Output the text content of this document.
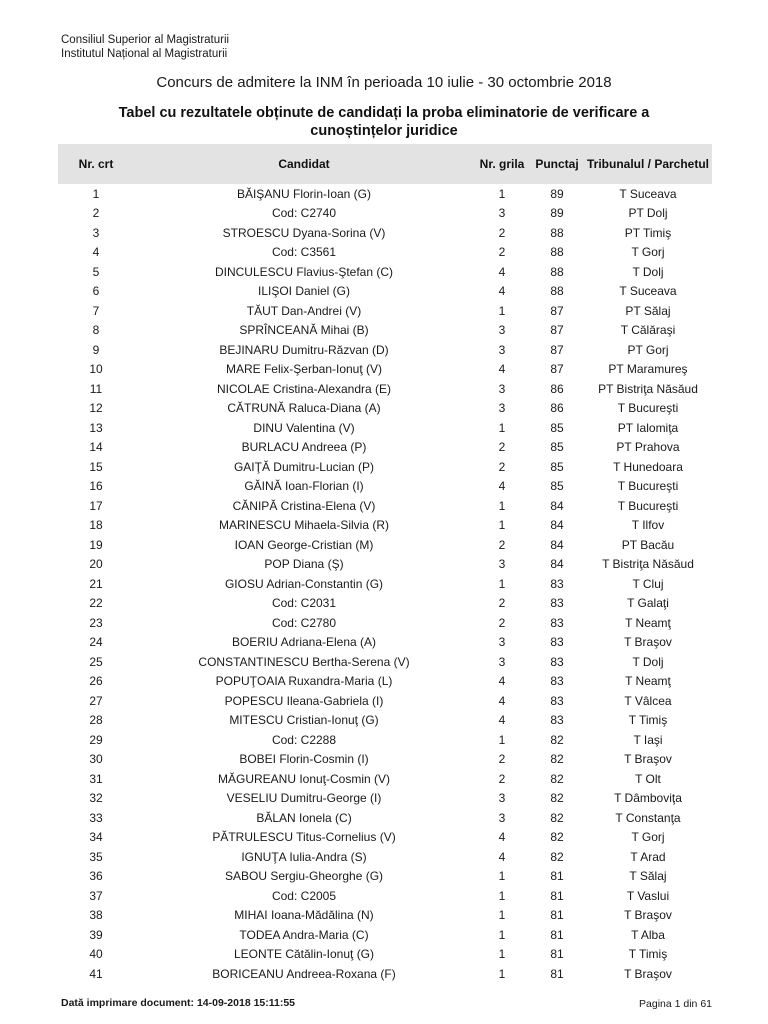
Consiliul Superior al Magistraturii
Institutul Național al Magistraturii
Concurs de admitere la INM în perioada 10 iulie - 30 octombrie 2018
Tabel cu rezultatele obținute de candidați la proba eliminatorie de verificare a cunoștințelor juridice
Nr. crt	Candidat	Nr. grila	Punctaj	Tribunalul / Parchetul
1	BĂIŞANU Florin-Ioan (G)	1	89	T Suceava
2	Cod: C2740	3	89	PT Dolj
3	STROESCU Dyana-Sorina (V)	2	88	PT Timiş
4	Cod: C3561	2	88	T Gorj
5	DINCULESCU Flavius-Ştefan (C)	4	88	T Dolj
6	ILIŞOI Daniel (G)	4	88	T Suceava
7	TĂUT Dan-Andrei (V)	1	87	PT Sălaj
8	SPRÎNCEANĂ Mihai (B)	3	87	T Călăraşi
9	BEJINARU Dumitru-Răzvan (D)	3	87	PT Gorj
10	MARE Felix-Şerban-Ionuţ (V)	4	87	PT Maramureş
11	NICOLAE Cristina-Alexandra (E)	3	86	PT Bistriţa Năsăud
12	CĂTRUNĂ Raluca-Diana (A)	3	86	T Bucureşti
13	DINU Valentina (V)	1	85	PT Ialomiţa
14	BURLACU Andreea (P)	2	85	PT Prahova
15	GAIŢĂ Dumitru-Lucian (P)	2	85	T Hunedoara
16	GĂINĂ Ioan-Florian (I)	4	85	T Bucureşti
17	CĂNIPĂ Cristina-Elena (V)	1	84	T Bucureşti
18	MARINESCU Mihaela-Silvia (R)	1	84	T Ilfov
19	IOAN George-Cristian (M)	2	84	PT Bacău
20	POP Diana (Ş)	3	84	T Bistriţa Năsăud
21	GIOSU Adrian-Constantin (G)	1	83	T Cluj
22	Cod: C2031	2	83	T Galaţi
23	Cod: C2780	2	83	T Neamţ
24	BOERIU Adriana-Elena (A)	3	83	T Braşov
25	CONSTANTINESCU Bertha-Serena (V)	3	83	T Dolj
26	POPUŢOAIA Ruxandra-Maria (L)	4	83	T Neamţ
27	POPESCU Ileana-Gabriela (I)	4	83	T Vâlcea
28	MITESCU Cristian-Ionuţ (G)	4	83	T Timiş
29	Cod: C2288	1	82	T Iaşi
30	BOBEI Florin-Cosmin (I)	2	82	T Braşov
31	MĂGUREANU Ionuţ-Cosmin (V)	2	82	T Olt
32	VESELIU Dumitru-George (I)	3	82	T Dâmboviţa
33	BĂLAN Ionela (C)	3	82	T Constanţa
34	PĂTRULESCU Titus-Cornelius (V)	4	82	T Gorj
35	IGNUŢA Iulia-Andra (S)	4	82	T Arad
36	SABOU Sergiu-Gheorghe (G)	1	81	T Sălaj
37	Cod: C2005	1	81	T Vaslui
38	MIHAI Ioana-Mădălina (N)	1	81	T Braşov
39	TODEA Andra-Maria (C)	1	81	T Alba
40	LEONTE Cătălin-Ionuţ (G)	1	81	T Timiş
41	BORICEANU Andreea-Roxana (F)	1	81	T Braşov
Dată imprimare document: 14-09-2018 15:11:55	Pagina 1 din 61
